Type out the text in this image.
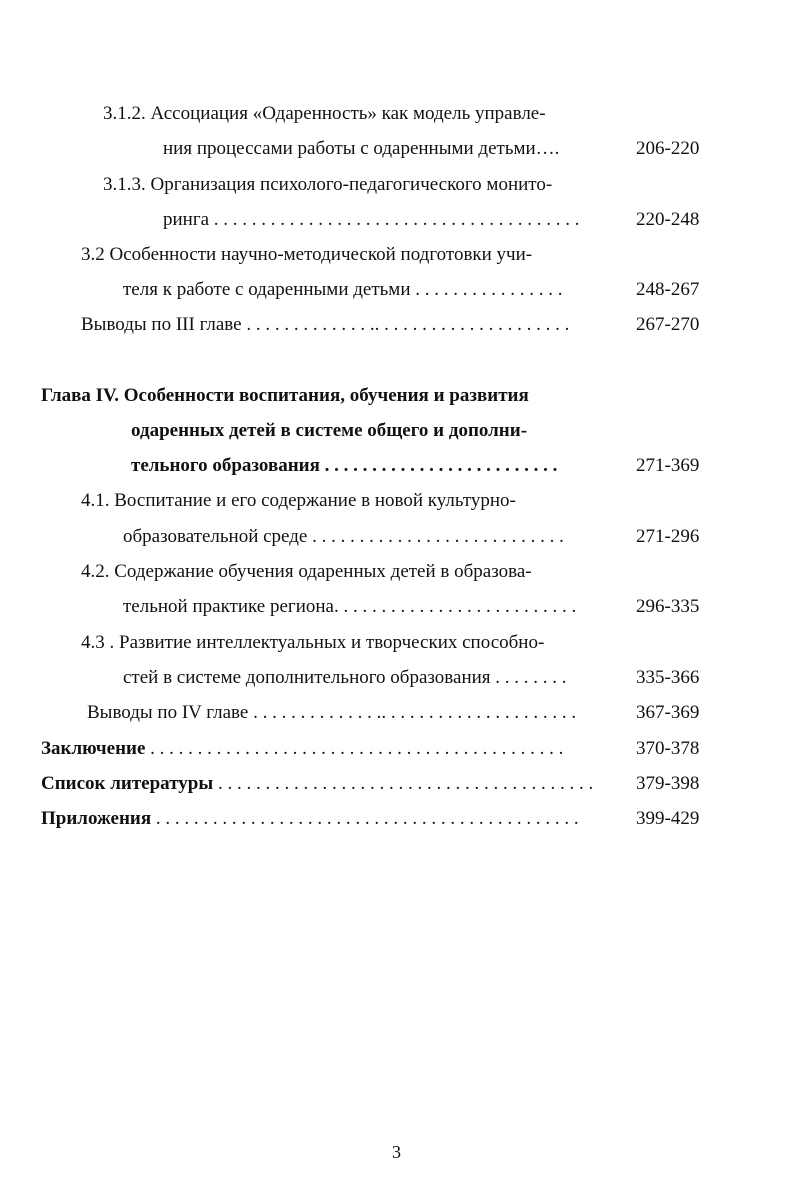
3.1.2. Ассоциация «Одаренность» как модель управле-
ния процессами работы с одаренными детьми….	206-220
3.1.3. Организация психолого-педагогического монито-
ринга . . . . . . . . . . . . . . . . . . . . . . . . . . . . . . . . . . . . . . .	220-248
3.2 Особенности научно-методической подготовки учи-
теля к работе с одаренными детьми . . . . . . . . . . . . . . . .	248-267
Выводы по III главе . . . . . . . . . . . . . .. . . . . . . . . . . . . . . . . . . . .	267-270
Глава IV. Особенности воспитания, обучения и развития
одаренных детей в системе общего и дополни-
тельного образования . . . . . . . . . . . . . . . . . . . . . . . . .	271-369
4.1. Воспитание и его содержание в новой культурно-
образовательной среде . . . . . . . . . . . . . . . . . . . . . . . . . . .	271-296
4.2. Содержание обучения одаренных детей в образова-
тельной практике региона. . . . . . . . . . . . . . . . . . . . . . . . . .	296-335
4.3 . Развитие интеллектуальных и творческих способно-
стей в системе дополнительного образования . . . . . . . .	335-366
Выводы по IV главе . . . . . . . . . . . . . .. . . . . . . . . . . . . . . . . . . . .	367-369
Заключение . . . . . . . . . . . . . . . . . . . . . . . . . . . . . . . . . . . . . . . . . . . .	370-378
Список литературы . . . . . . . . . . . . . . . . . . . . . . . . . . . . . . . . . . . . . . . . 379-398
Приложения . . . . . . . . . . . . . . . . . . . . . . . . . . . . . . . . . . . . . . . . . . . . .	399-429
3
